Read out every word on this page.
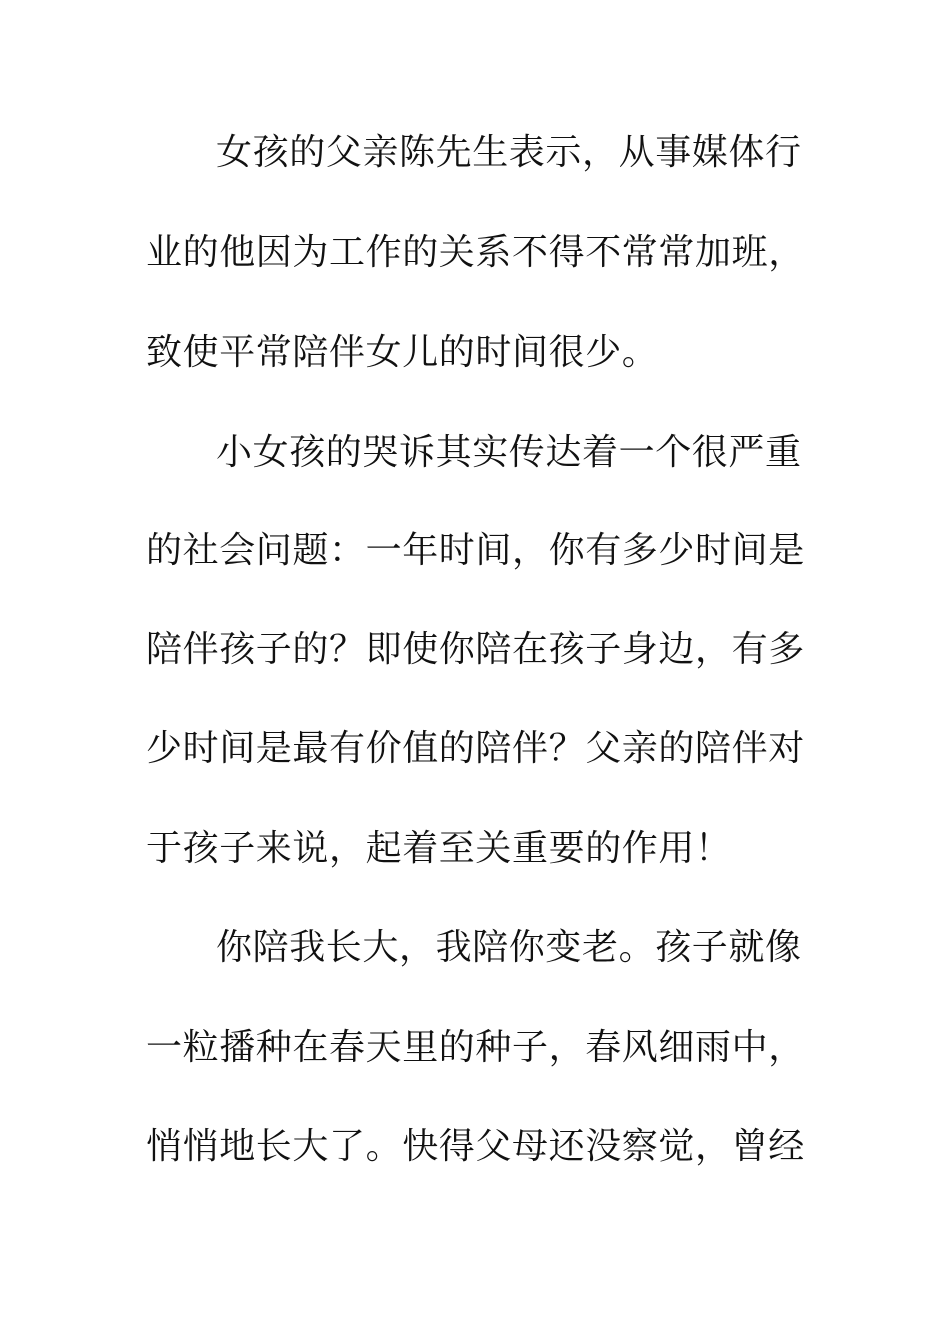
女孩的父亲陈先生表示，从事媒体行
业的他因为工作的关系不得不常常加班，
致使平常陪伴女儿的时间很少。
小女孩的哭诉其实传达着一个很严重
的社会问题：一年时间，你有多少时间是
陪伴孩子的？即使你陪在孩子身边，有多
少时间是最有价值的陪伴？父亲的陪伴对
于孩子来说，起着至关重要的作用！
你陪我长大，我陪你变老。孩子就像
一粒播种在春天里的种子，春风细雨中，
悄悄地长大了。快得父母还没察觉，曾经
